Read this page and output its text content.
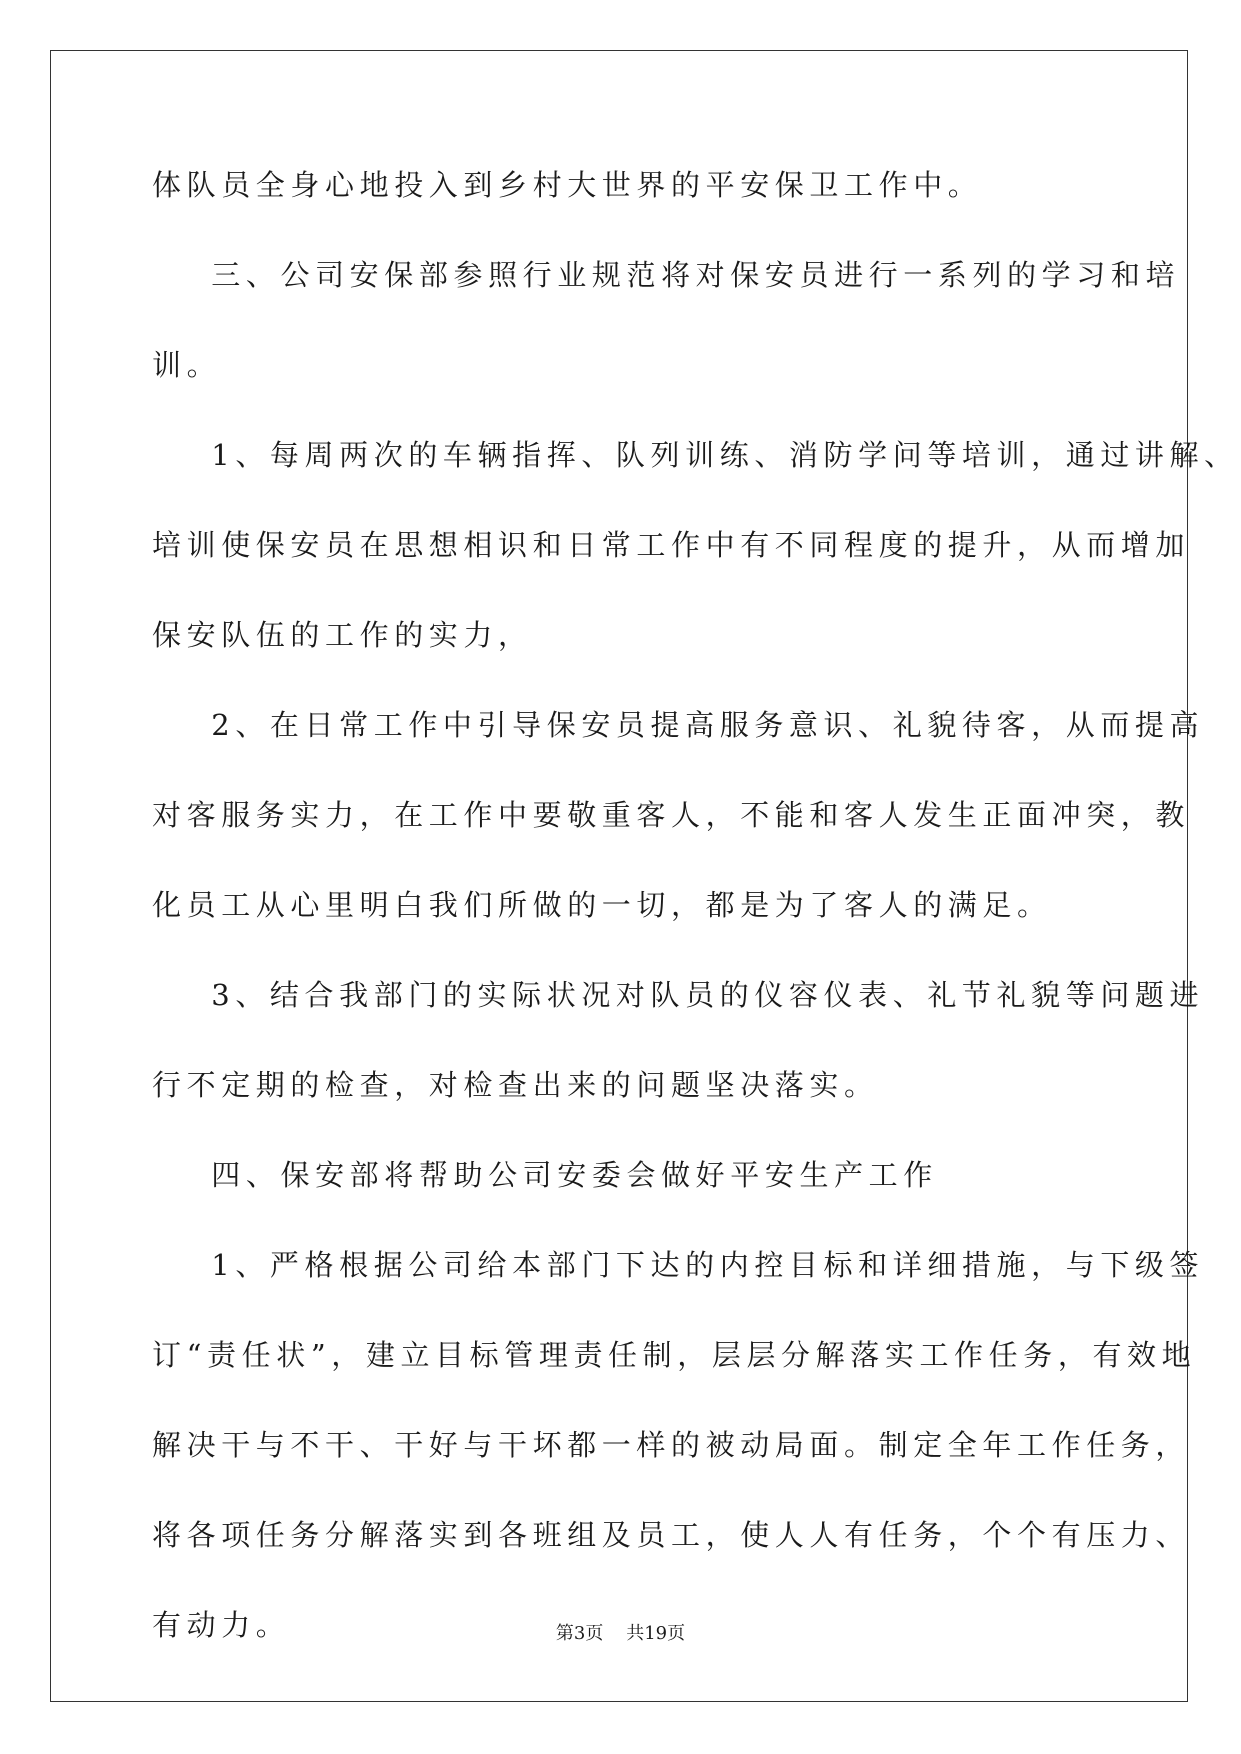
体队员全身心地投入到乡村大世界的平安保卫工作中。
三、公司安保部参照行业规范将对保安员进行一系列的学习和培
训。
1、每周两次的车辆指挥、队列训练、消防学问等培训，通过讲解、
培训使保安员在思想相识和日常工作中有不同程度的提升，从而增加
保安队伍的工作的实力，
2、在日常工作中引导保安员提高服务意识、礼貌待客，从而提高
对客服务实力，在工作中要敬重客人，不能和客人发生正面冲突，教
化员工从心里明白我们所做的一切，都是为了客人的满足。
3、结合我部门的实际状况对队员的仪容仪表、礼节礼貌等问题进
行不定期的检查，对检查出来的问题坚决落实。
四、保安部将帮助公司安委会做好平安生产工作
1、严格根据公司给本部门下达的内控目标和详细措施，与下级签
订“责任状”，建立目标管理责任制，层层分解落实工作任务，有效地
解决干与不干、干好与干坏都一样的被动局面。制定全年工作任务，
将各项任务分解落实到各班组及员工，使人人有任务，个个有压力、
有动力。	第3页    共19页
